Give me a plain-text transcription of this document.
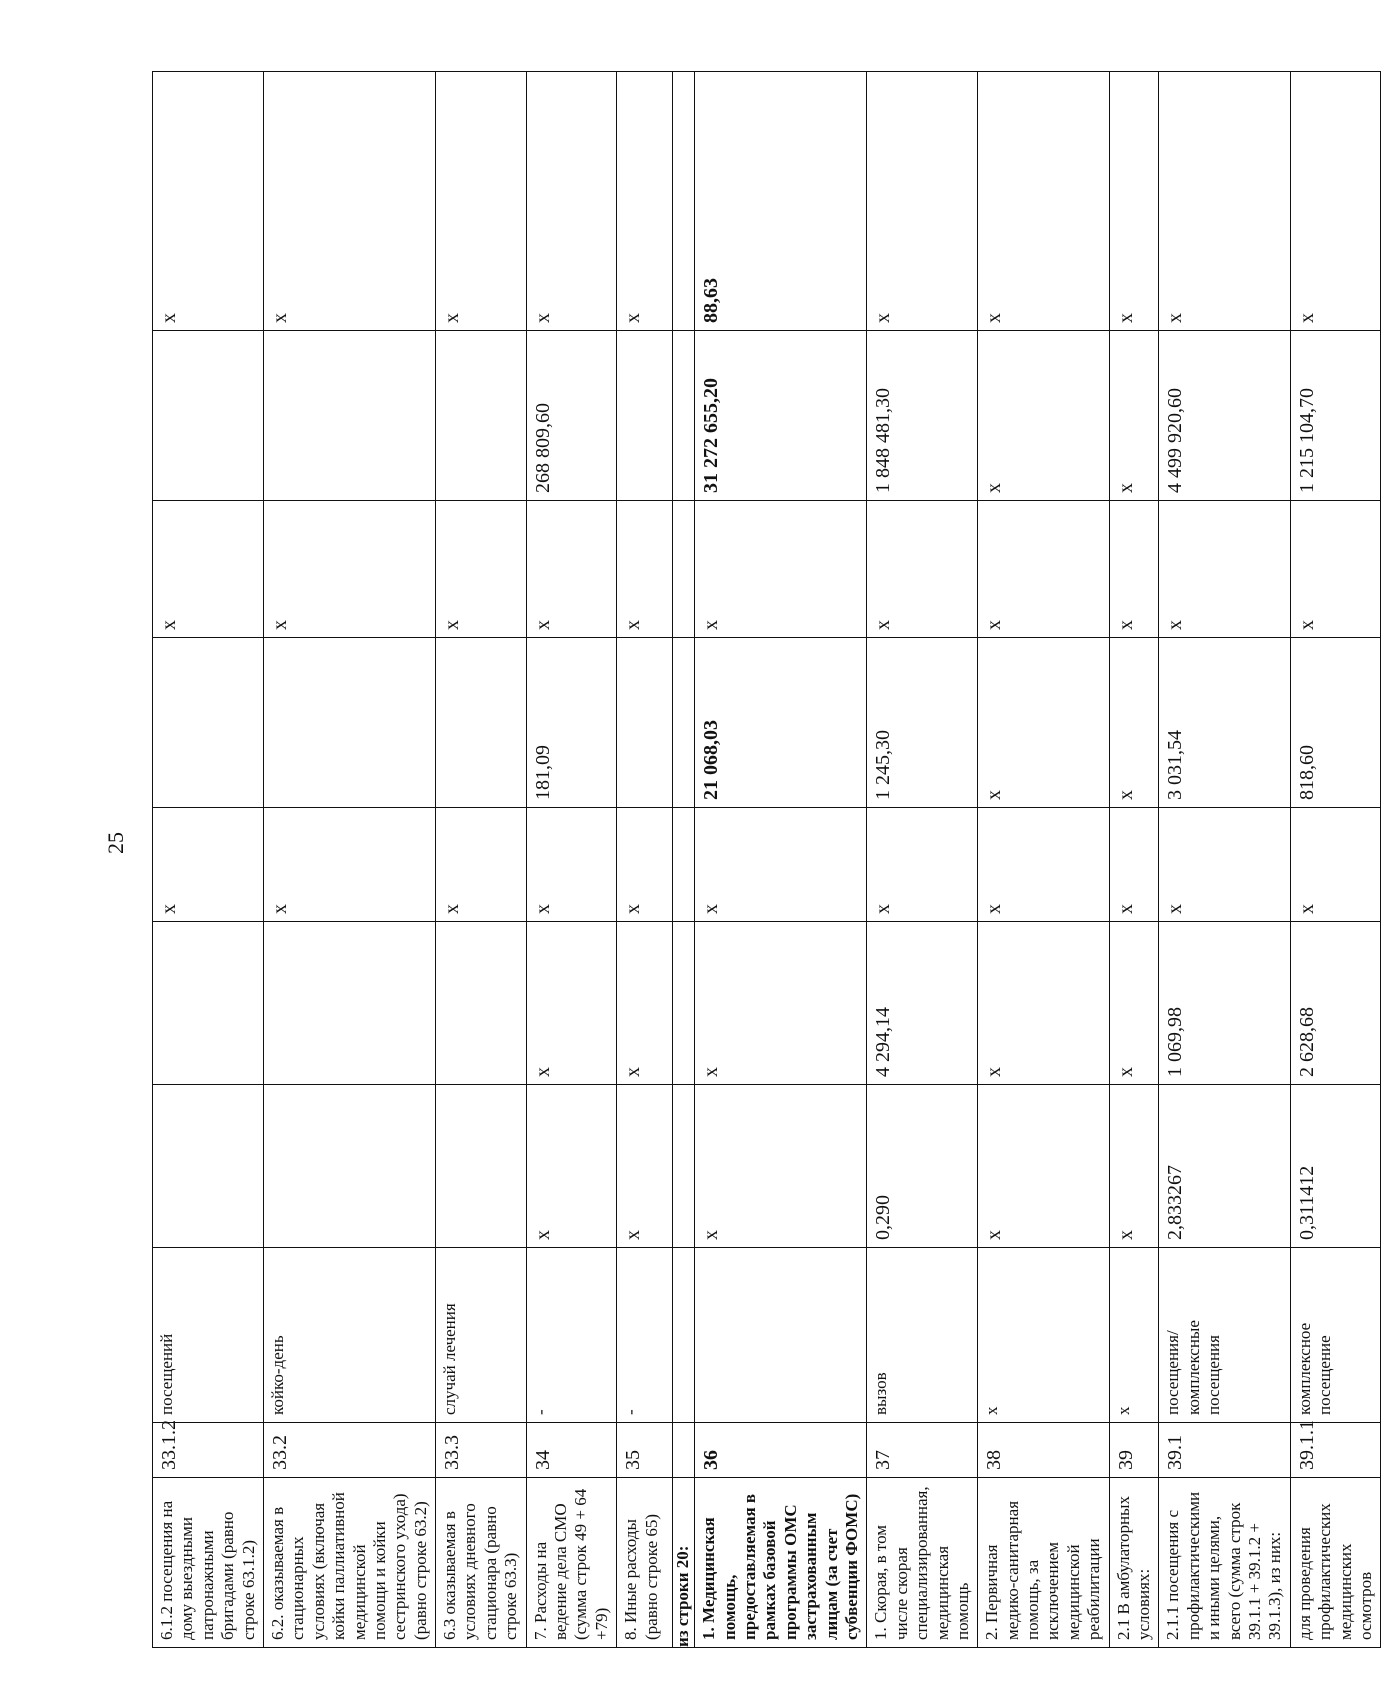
25
6.1.2 посещения на дому выездными патронажными бригадами (равно строке 63.1.2)	33.1.2	посещений			x		x		x
6.2. оказываемая в стационарных условиях (включая койки паллиативной медицинской помощи и койки сестринского ухода) (равно строке 63.2)	33.2	койко-день			x		x		x
6.3 оказываемая в условиях дневного стационара (равно строке 63.3)	33.3	случай лечения			x		x		x
7. Расходы на ведение дела СМО (сумма строк 49 + 64 +79)	34	-	x	x	x	181,09	x	268 809,60	x
8. Иные расходы (равно строке 65)	35	-	x	x	x		x		x
из строки 20:									
1. Медицинская помощь, предоставляемая в рамках базовой программы ОМС застрахованным лицам (за счет субвенции ФОМС)	36		x	x	x	21 068,03	x	31 272 655,20	88,63
1. Скорая, в том числе скорая специализированная, медицинская помощь	37	вызов	0,290	4 294,14	x	1 245,30	x	1 848 481,30	x
2. Первичная медико-санитарная помощь, за исключением медицинской реабилитации	38	x	x	x	x	x	x	x	x
2.1 В амбулаторных условиях:	39	x	x	x	x	x	x	x	x
2.1.1 посещения с профилактическими и иными целями, всего (сумма строк 39.1.1 + 39.1.2 + 39.1.3), из них:	39.1	посещения/ комплексные посещения	2,833267	1 069,98	x	3 031,54	x	4 499 920,60	x
для проведения профилактических медицинских осмотров	39.1.1	комплексное посещение	0,311412	2 628,68	x	818,60	x	1 215 104,70	x
